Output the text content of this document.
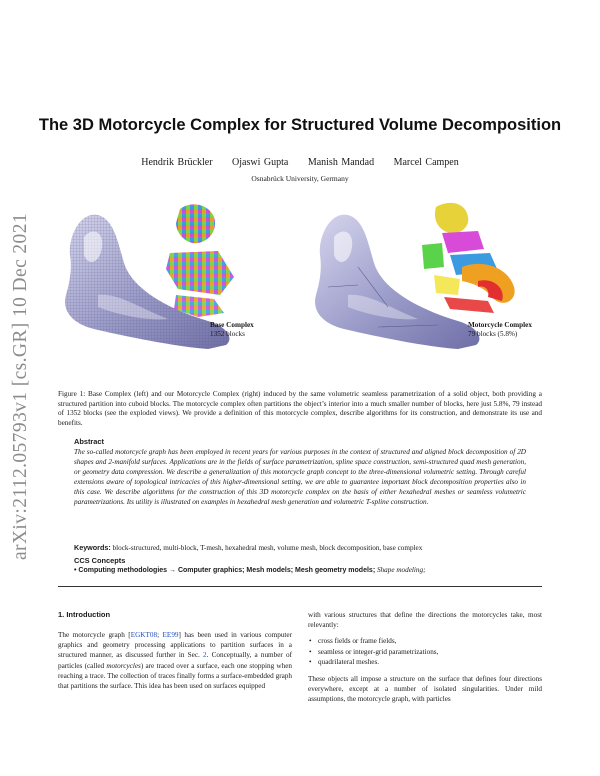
arXiv:2112.05793v1 [cs.GR] 10 Dec 2021
The 3D Motorcycle Complex for Structured Volume Decomposition
Hendrik Brückler Ojaswi Gupta Manish Mandad Marcel Campen
Osnabrück University, Germany
Base Complex
1352 blocks
Motorcycle Complex
79 blocks (5.8%)
Figure 1: Base Complex (left) and our Motorcycle Complex (right) induced by the same volumetric seamless parametrization of a solid object, both providing a structured partition into cuboid blocks. The motorcycle complex often partitions the object’s interior into a much smaller number of blocks, here just 5.8%, 79 instead of 1352 blocks (see the exploded views). We provide a definition of this motorcycle complex, describe algorithms for its construction, and demonstrate its use and benefits.
Abstract
The so-called motorcycle graph has been employed in recent years for various purposes in the context of structured and aligned block decomposition of 2D shapes and 2-manifold surfaces. Applications are in the fields of surface parametrization, spline space construction, semi-structured quad mesh generation, or geometry data compression. We describe a generalization of this motorcycle graph concept to the three-dimensional volumetric setting. Through careful extensions aware of topological intricacies of this higher-dimensional setting, we are able to guarantee important block decomposition properties also in this case. We describe algorithms for the construction of this 3D motorcycle complex on the basis of either hexahedral meshes or seamless volumetric parametrizations. Its utility is illustrated on examples in hexahedral mesh generation and volumetric T-spline construction.
Keywords: block-structured, multi-block, T-mesh, hexahedral mesh, volume mesh, block decomposition, base complex
CCS Concepts
• Computing methodologies → Computer graphics; Mesh models; Mesh geometry models; Shape modeling;
1. Introduction

The motorcycle graph [EGKT08; EE99] has been used in various computer graphics and geometry processing applications to partition surfaces in a structured manner, as discussed further in Sec. 2. Conceptually, a number of particles (called motorcycles) are traced over a surface, each one stopping when reaching a trace. The collection of traces finally forms a surface-embedded graph that partitions the surface. This idea has been used on surfaces equipped

with various structures that define the directions the motorcycles take, most relevantly:

• cross fields or frame fields,
• seamless or integer-grid parametrizations,
• quadrilateral meshes.

These objects all impose a structure on the surface that defines four directions everywhere, except at a number of isolated singularities. Under mild assumptions, the motorcycle graph, with particles
